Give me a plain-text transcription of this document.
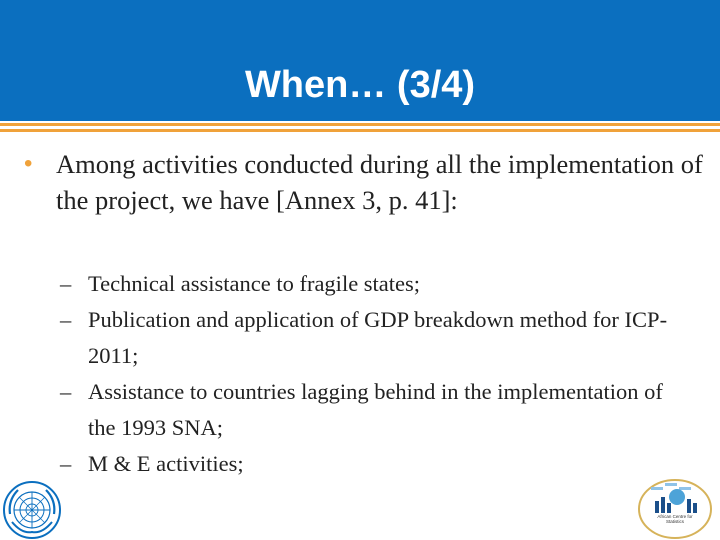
When… (3/4)
• Among activities conducted during all the implementation of the project, we have [Annex 3, p. 41]:
– Technical assistance to fragile states;
– Publication and application of GDP breakdown method for ICP-2011;
– Assistance to countries lagging behind in the implementation of the 1993 SNA;
– M & E activities;
African Centre for Statistics
